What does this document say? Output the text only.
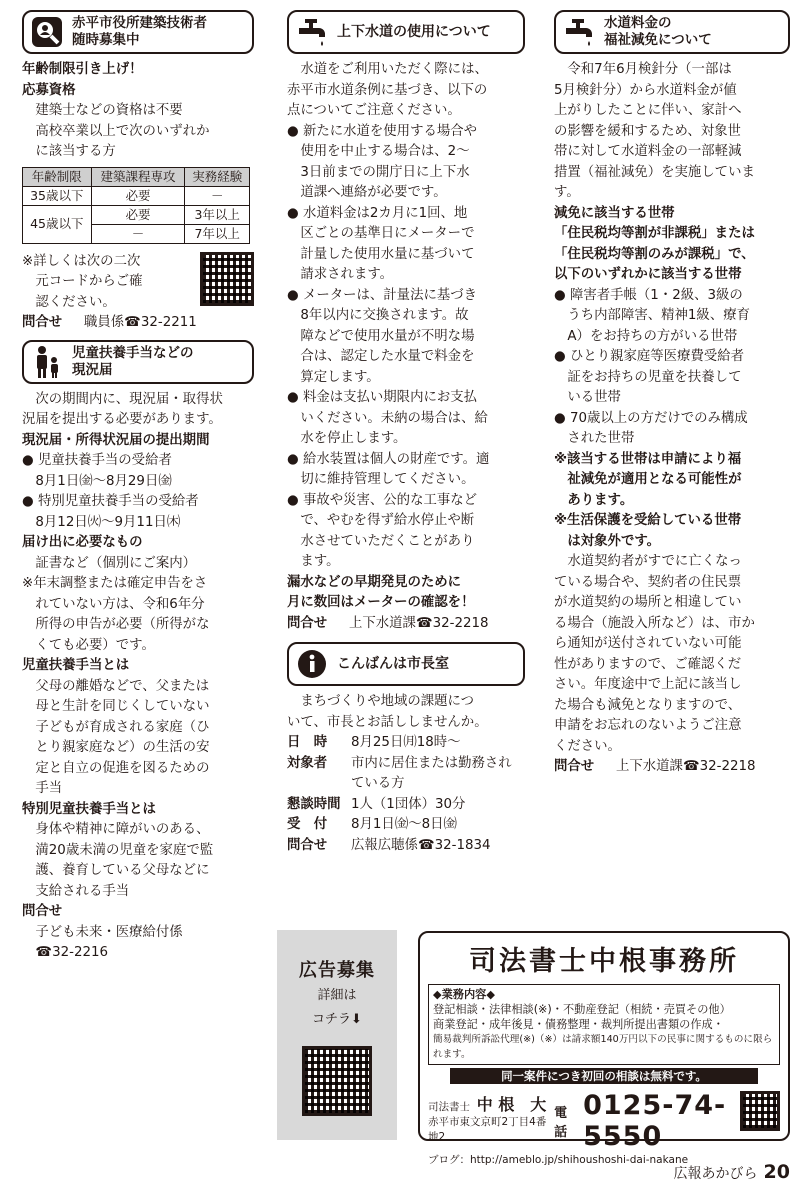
赤平市役所建築技術者
随時募集中

年齢制限引き上げ！

応募資格

建築士などの資格は不要

高校卒業以上で次のいずれか

に該当する方

年齢制限	建築課程専攻	実務経験
35歳以下	必要	－
45歳以下	必要	3年以上
	－	7年以上

※詳しくは次の二次

元コードからご確

認ください。

問合せ 職員係☎32-2211

児童扶養手当などの
現況届

次の期間内に、現況届・取得状

況届を提出する必要があります。

現況届・所得状況届の提出期間

● 児童扶養手当の受給者

8月1日㈮～8月29日㈮

● 特別児童扶養手当の受給者

8月12日㈫～9月11日㈭

届け出に必要なもの

証書など（個別にご案内）

※年末調整または確定申告をさ

れていない方は、令和6年分

所得の申告が必要（所得がな

くても必要）です。

児童扶養手当とは

父母の離婚などで、父または

母と生計を同じくしていない

子どもが育成される家庭（ひ

とり親家庭など）の生活の安

定と自立の促進を図るための

手当

特別児童扶養手当とは

身体や精神に障がいのある、

満20歳未満の児童を家庭で監

護、養育している父母などに

支給される手当

問合せ

子ども未来・医療給付係

☎32-2216

上下水道の使用について

水道をご利用いただく際には、

赤平市水道条例に基づき、以下の

点についてご注意ください。

● 新たに水道を使用する場合や

使用を中止する場合は、2～

3日前までの開庁日に上下水

道課へ連絡が必要です。

● 水道料金は2カ月に1回、地

区ごとの基準日にメーターで

計量した使用水量に基づいて

請求されます。

● メーターは、計量法に基づき

8年以内に交換されます。故

障などで使用水量が不明な場

合は、認定した水量で料金を

算定します。

● 料金は支払い期限内にお支払

いください。未納の場合は、給

水を停止します。

● 給水装置は個人の財産です。適

切に維持管理してください。

● 事故や災害、公的な工事など

で、やむを得ず給水停止や断

水させていただくことがあり

ます。

漏水などの早期発見のために

月に数回はメーターの確認を！

問合せ 上下水道課☎32-2218

こんばんは市長室

まちづくりや地域の課題につ

いて、市長とお話ししませんか。

日　時	8月25日㈪18時～
対象者	市内に居住または勤務されている方
懇談時間 1人（1団体）30分
受　付	8月1日㈮～8日㈮
問合せ	広報広聴係☎32-1834
水道料金の
福祉減免について

令和7年6月検針分（一部は

5月検針分）から水道料金が値

上がりしたことに伴い、家計へ

の影響を緩和するため、対象世

帯に対して水道料金の一部軽減

措置（福祉減免）を実施していま

す。

減免に該当する世帯

「住民税均等割が非課税」または

「住民税均等割のみが課税」で、

以下のいずれかに該当する世帯

● 障害者手帳（1・2級、3級の

うち内部障害、精神1級、療育

A）をお持ちの方がいる世帯

● ひとり親家庭等医療費受給者

証をお持ちの児童を扶養して

いる世帯

● 70歳以上の方だけでのみ構成

された世帯

※該当する世帯は申請により福

祉減免が適用となる可能性が

あります。

※生活保護を受給している世帯

は対象外です。

水道契約者がすでに亡くなっ

ている場合や、契約者の住民票

が水道契約の場所と相違してい

る場合（施設入所など）は、市か

ら通知が送付されていない可能

性がありますので、ご確認くだ

さい。年度途中で上記に該当し

た場合も減免となりますので、

申請をお忘れのないようご注意

ください。

問合せ 上下水道課☎32-2218

広告募集
詳細は
コチラ⬇
司法書士中根事務所
◆業務内容◆
登記相談・法律相談(※)・不動産登記（相続・売買その他）
商業登記・成年後見・債務整理・裁判所提出書類の作成・
簡易裁判所訴訟代理(※)（※）は請求額140万円以下の民事に関するものに限られます。
同一案件につき初回の相談は無料です。
司法書士 中 根　大
赤平市東文京町2丁目4番地2
電話
0125-74-5550
ブログ：http://ameblo.jp/shihoushoshi-dai-nakane
広報あかびら 20
